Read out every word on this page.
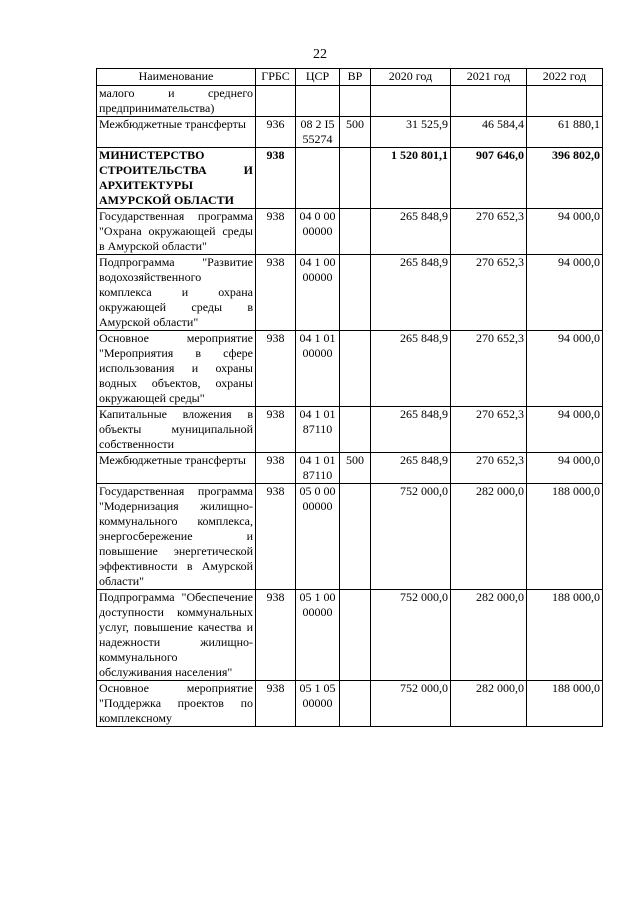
22
Наименование	ГРБС	ЦСР	ВР	2020 год	2021 год	2022 год
малого и среднего предпринимательства)						
Межбюджетные трансферты	936	08 2 I5 55274	500	31 525,9	46 584,4	61 880,1
МИНИСТЕРСТВО СТРОИТЕЛЬСТВА И АРХИТЕКТУРЫ АМУРСКОЙ ОБЛАСТИ	938			1 520 801,1	907 646,0	396 802,0
Государственная программа "Охрана окружающей среды в Амурской области"	938	04 0 00 00000		265 848,9	270 652,3	94 000,0
Подпрограмма "Развитие водохозяйственного комплекса и охрана окружающей среды в Амурской области"	938	04 1 00 00000		265 848,9	270 652,3	94 000,0
Основное мероприятие "Мероприятия в сфере использования и охраны водных объектов, охраны окружающей среды"	938	04 1 01 00000		265 848,9	270 652,3	94 000,0
Капитальные вложения в объекты муниципальной собственности	938	04 1 01 87110		265 848,9	270 652,3	94 000,0
Межбюджетные трансферты	938	04 1 01 87110	500	265 848,9	270 652,3	94 000,0
Государственная программа "Модернизация жилищно-коммунального комплекса, энергосбережение и повышение энергетической эффективности в Амурской области"	938	05 0 00 00000		752 000,0	282 000,0	188 000,0
Подпрограмма "Обеспечение доступности коммунальных услуг, повышение качества и надежности жилищно-коммунального обслуживания населения"	938	05 1 00 00000		752 000,0	282 000,0	188 000,0
Основное мероприятие "Поддержка проектов по комплексному	938	05 1 05 00000		752 000,0	282 000,0	188 000,0
